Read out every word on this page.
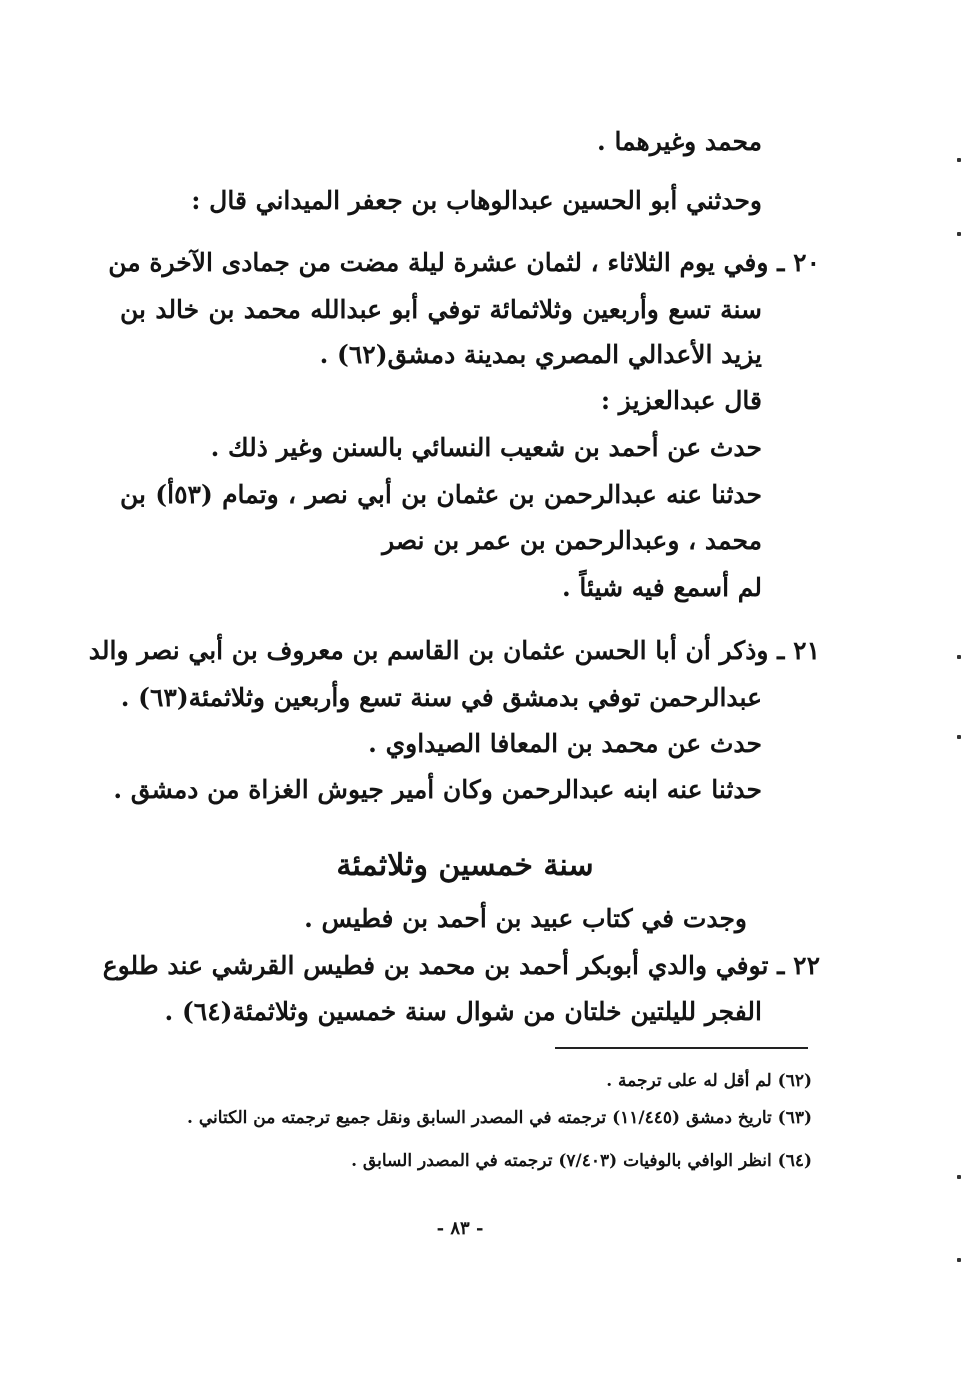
محمد وغيرهما .
وحدثني أبو الحسين عبدالوهاب بن جعفر الميداني قال :
٢٠ ـ وفي يوم الثلاثاء ، لثمان عشرة ليلة مضت من جمادى الآخرة من
سنة تسع وأربعين وثلاثمائة توفي أبو عبدالله محمد بن خالد بن
يزيد الأعدالي المصري بمدينة دمشق(٦٢) .
قال عبدالعزيز :
حدث عن أحمد بن شعيب النسائي بالسنن وغير ذلك .
حدثنا عنه عبدالرحمن بن عثمان بن أبي نصر ، وتمام (٥٣أ) بن
محمد ، وعبدالرحمن بن عمر بن نصر
لم أسمع فيه شيئاً .
٢١ ـ وذكر أن أبا الحسن عثمان بن القاسم بن معروف بن أبي نصر والد
عبدالرحمن توفي بدمشق في سنة تسع وأربعين وثلاثمئة(٦٣) .
حدث عن محمد بن المعافا الصيداوي .
حدثنا عنه ابنه عبدالرحمن وكان أمير جيوش الغزاة من دمشق .
سنة خمسين وثلاثمئة
وجدت في كتاب عبيد بن أحمد بن فطيس .
٢٢ ـ توفي والدي أبوبكر أحمد بن محمد بن فطيس القرشي عند طلوع
الفجر لليلتين خلتان من شوال سنة خمسين وثلاثمئة(٦٤) .
(٦٢) لم أقل له على ترجمة .
(٦٣) تاريخ دمشق (١١/٤٤٥) ترجمته في المصدر السابق ونقل جميع ترجمته من الكتاني .
(٦٤) انظر الوافي بالوفيات (٧/٤٠٣) ترجمته في المصدر السابق .
- ٨٣ -
